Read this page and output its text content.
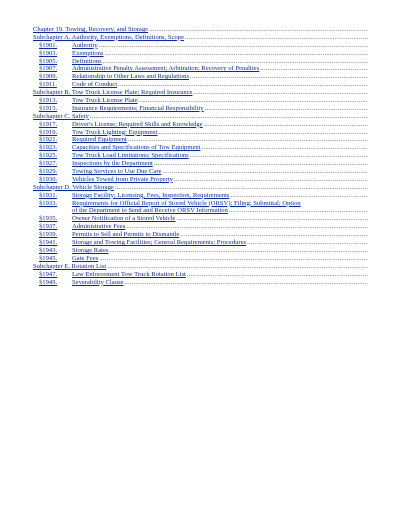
Chapter 19. Towing, Recovery, and Storage
.....
Subchapter A. Authority, Exemptions, Definitions, Scope
.....
§1901.	Authority
.....
§1903.	Exemptions
.....
§1905.	Definitions
.....
§1907.	Administrative Penalty Assessment; Arbitration; Recovery of Penalties
.....
§1909.	Relationship to Other Laws and Regulations
.....
§1911.	Code of Conduct
.....
Subchapter B. Tow Truck License Plate; Required Insurance
.....
§1913.	Tow Truck License Plate
.....
§1915.	Insurance Requirements; Financial Responsibility
.....
Subchapter C. Safety
.....
§1917.	Driver's License; Required Skills and Knowledge
.....
§1919.	Tow Truck Lighting; Equipment
.....
§1921.	Required Equipment
.....
§1923.	Capacities and Specifications of Tow Equipment
.....
§1925.	Tow Truck Load Limitations; Specifications
.....
§1927.	Inspections by the Department
.....
§1929.	Towing Services to Use Due Care
.....
§1930.	Vehicles Towed from Private Property
.....
Subchapter D. Vehicle Storage
.....
§1931.	Storage Facility; Licensing, Fees, Inspection, Requirements
.....
§1933.	Requirements for Official Report of Stored Vehicle (ORSV); Filing; Submittal; Option
of the Department to Send and Receive ORSV Information
.....
§1935.	Owner Notification of a Stored Vehicle
.....
§1937.	Administrative Fees
.....
§1939.	Permits to Sell and Permits to Dismantle
.....
§1941.	Storage and Towing Facilities; General Requirements; Procedures
.....
§1943.	Storage Rates
.....
§1945.	Gate Fees
.....
Subchapter E. Rotation List
.....
§1947.	Law Enforcement Tow Truck Rotation List
.....
§1949.	Severability Clause
.....
